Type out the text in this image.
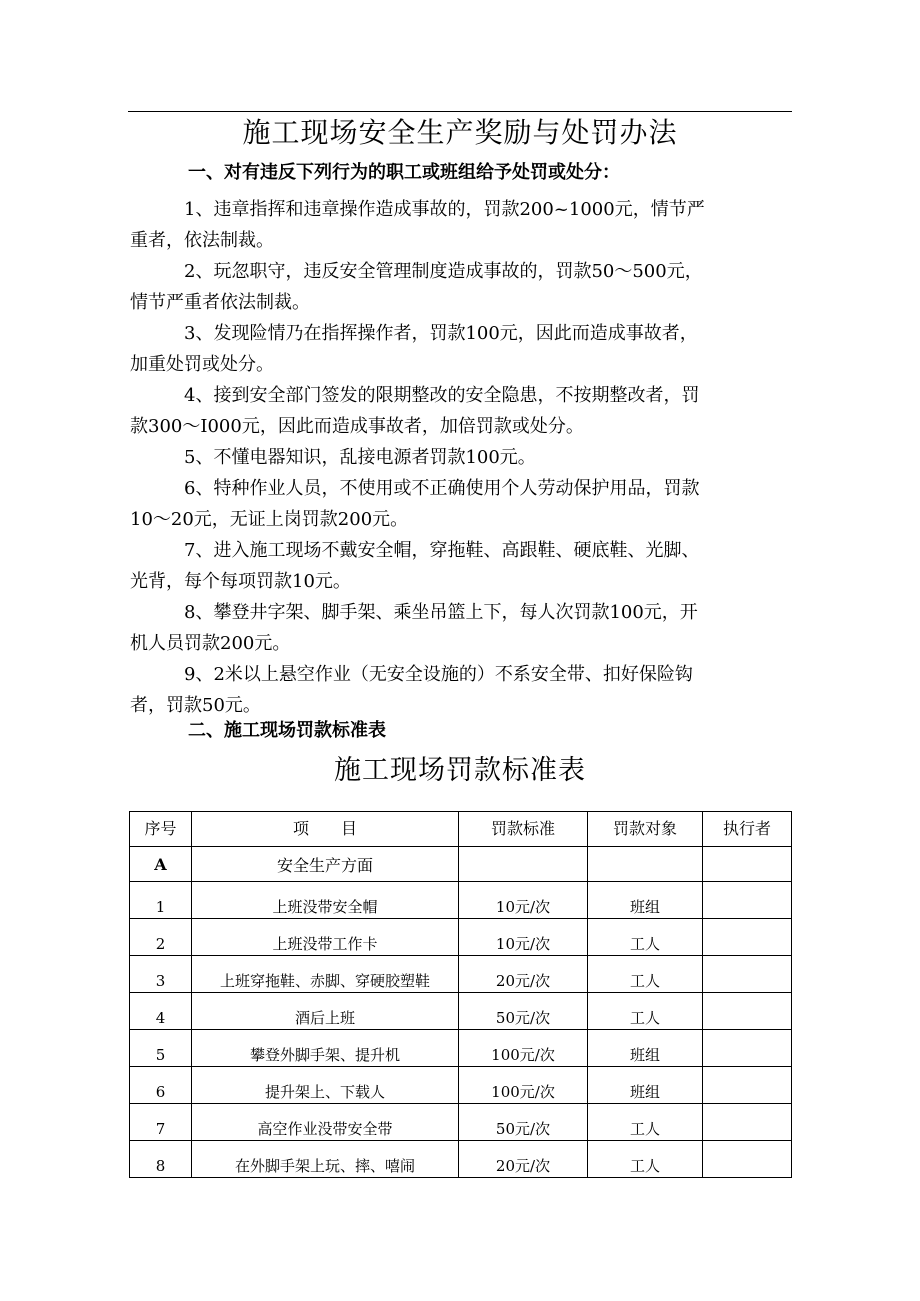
施工现场安全生产奖励与处罚办法
一、对有违反下列行为的职工或班组给予处罚或处分：
1、违章指挥和违章操作造成事故的，罚款200~1000元，情节严
重者，依法制裁。
2、玩忽职守，违反安全管理制度造成事故的，罚款50～500元，
情节严重者依法制裁。
3、发现险情乃在指挥操作者，罚款100元，因此而造成事故者，
加重处罚或处分。
4、接到安全部门签发的限期整改的安全隐患，不按期整改者，罚
款300～I000元，因此而造成事故者，加倍罚款或处分。
5、不懂电器知识，乱接电源者罚款100元。
6、特种作业人员，不使用或不正确使用个人劳动保护用品，罚款
10～20元，无证上岗罚款200元。
7、进入施工现场不戴安全帽，穿拖鞋、高跟鞋、硬底鞋、光脚、
光背，每个每项罚款10元。
8、攀登井字架、脚手架、乘坐吊篮上下，每人次罚款100元，开
机人员罚款200元。
9、2米以上悬空作业（无安全设施的）不系安全带、扣好保险钩
者，罚款50元。
二、施工现场罚款标准表
施工现场罚款标准表
序号	项　　目	罚款标准	罚款对象	执行者
A	安全生产方面			
1	上班没带安全帽	10元/次	班组	
2	上班没带工作卡	10元/次	工人	
3	上班穿拖鞋、赤脚、穿硬胶塑鞋	20元/次	工人	
4	酒后上班	50元/次	工人	
5	攀登外脚手架、提升机	100元/次	班组	
6	提升架上、下载人	100元/次	班组	
7	高空作业没带安全带	50元/次	工人	
8	在外脚手架上玩、摔、嘻闹	20元/次	工人	
